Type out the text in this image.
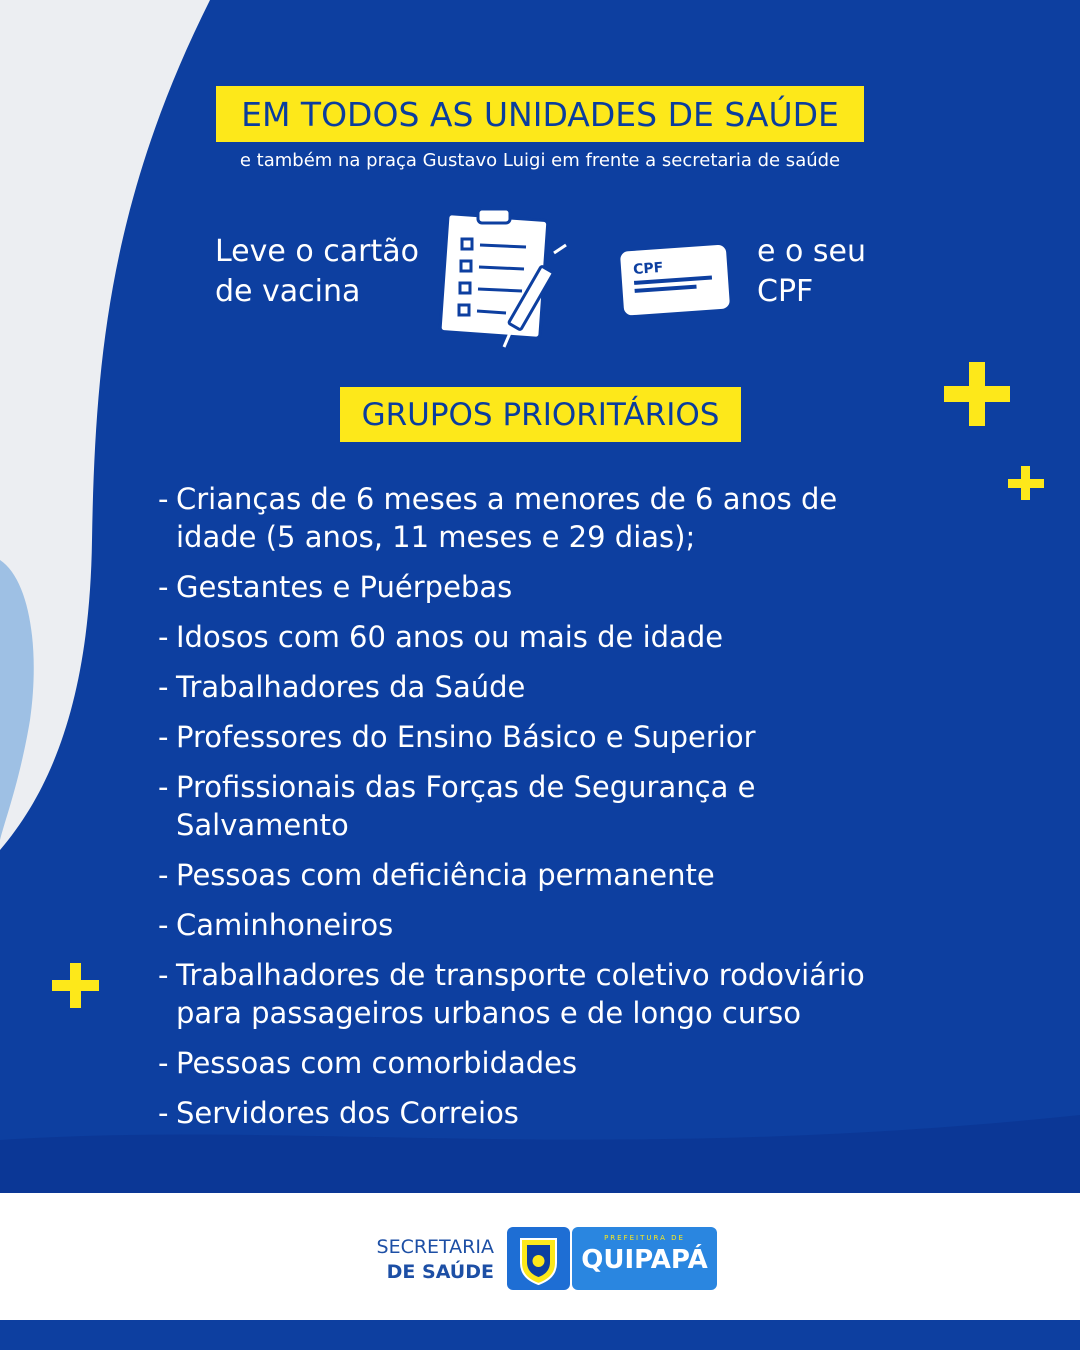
EM TODOS AS UNIDADES DE SAÚDE
e também na praça Gustavo Luigi em frente a secretaria de saúde
Leve o cartão
de vacina
CPF	e o seu
CPF
GRUPOS PRIORITÁRIOS
- Crianças de 6 meses a menores de 6 anos de idade (5 anos, 11 meses e 29 dias);
- Gestantes e Puérpebas
- Idosos com 60 anos ou mais de idade
- Trabalhadores da Saúde
- Professores do Ensino Básico e Superior
- Profissionais das Forças de Segurança e Salvamento
- Pessoas com deficiência permanente
- Caminhoneiros
- Trabalhadores de transporte coletivo rodoviário para passageiros urbanos e de longo curso
- Pessoas com comorbidades
- Servidores dos Correios
SECRETARIA
DE SAÚDE
PREFEITURA DE
QUIPAPÁ
